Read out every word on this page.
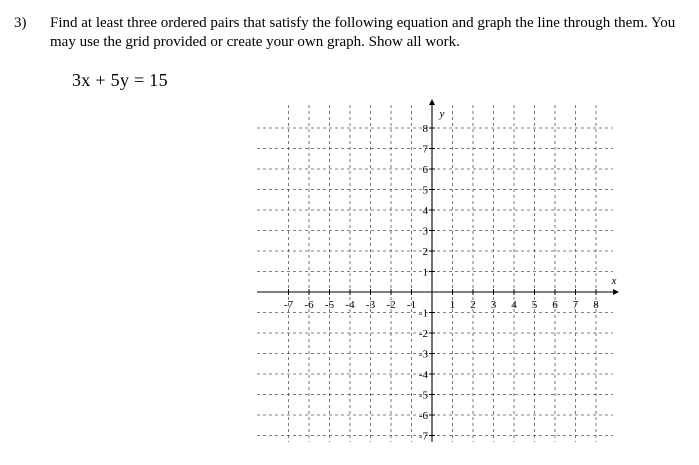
3) Find at least three ordered pairs that satisfy the following equation and graph the line through them. You may use the grid provided or create your own graph. Show all work.
3x + 5y = 15
-7 -6 -5 -4 -3 -2 -1	1 2 3 4 5 6 7 8
8
7
6
5
4
3
2
1
-1
-2
-3
-4
-5
-6
-7
x
y
